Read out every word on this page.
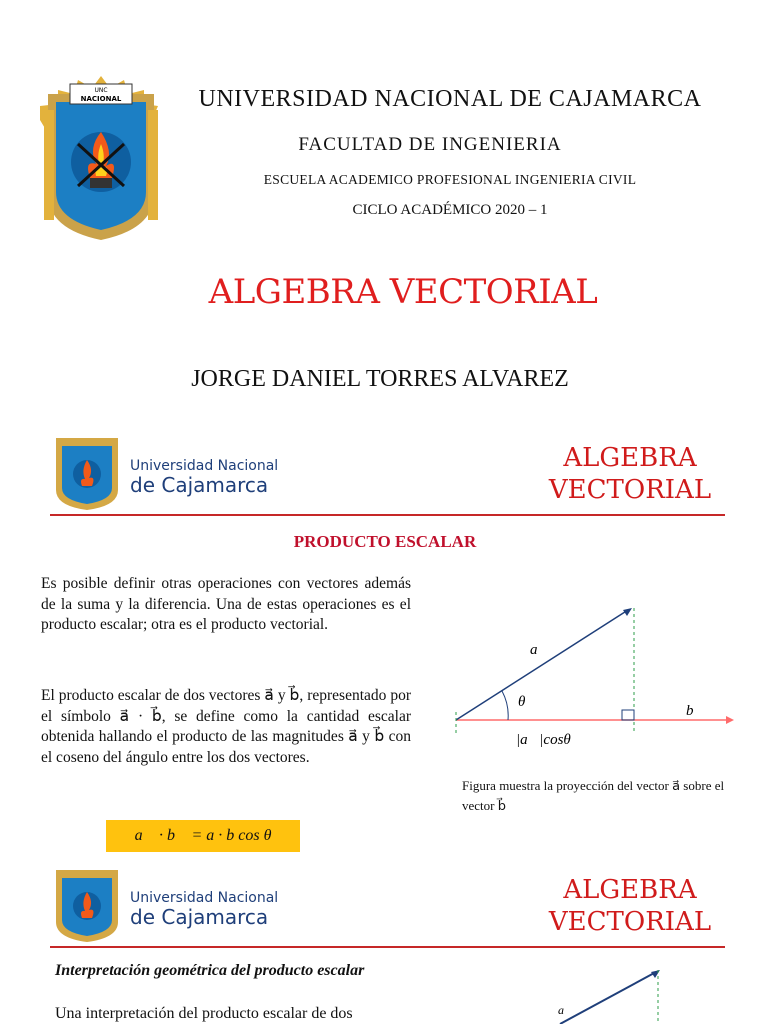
UNC
NACIONAL	UNIVERSIDAD NACIONAL DE CAJAMARCA
FACULTAD DE INGENIERIA
ESCUELA ACADEMICO PROFESIONAL INGENIERIA CIVIL
CICLO ACADÉMICO 2020 – 1
ALGEBRA VECTORIAL
JORGE DANIEL TORRES ALVAREZ
Universidad Nacional
de Cajamarca
ALGEBRA
VECTORIAL
PRODUCTO ESCALAR
Es posible definir otras operaciones con vectores además de la suma y la diferencia. Una de estas operaciones es el producto escalar; otra es el producto vectorial.
El producto escalar de dos vectores a⃗ y b⃗, representado por el símbolo a⃗ · b⃗, se define como la cantidad escalar obtenida hallando el producto de las magnitudes a⃗ y b⃗ con el coseno del ángulo entre los dos vectores.
a⃗ · b⃗ = a · b cos θ
a⃗
b⃗
θ
|a⃗|cosθ
Figura muestra la proyección del vector a⃗ sobre el vector b⃗
Universidad Nacional
de Cajamarca
ALGEBRA
VECTORIAL
Interpretación geométrica del producto escalar
Una interpretación del producto escalar de dos	a⃗
